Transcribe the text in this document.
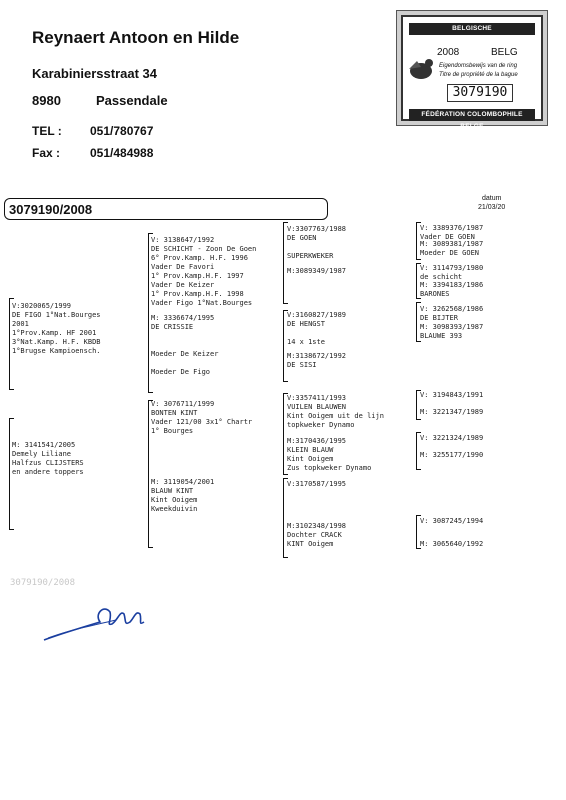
Reynaert Antoon en Hilde
Karabiniersstraat 34
8980	Passendale
TEL : 051/780767
Fax : 051/484988
BELGISCHE DUIVENLIEFHEBBERSBOND
2008	BELG
Eigendomsbewijs van de ring
Titre de propriété de la bague
3079190
FÉDÉRATION COLOMBOPHILE BELGE
3079190/2008
datum
21/03/20
V:3020065/1999
DE FIGO 1°Nat.Bourges
2001
1°Prov.Kamp. HF 2001
3°Nat.Kamp. H.F. KBDB
1°Brugse Kampioensch.
M: 3141541/2005
Demely Liliane
Halfzus CLIJSTERS
en andere toppers
V: 3138647/1992
DE SCHICHT - Zoon De Goen
6° Prov.Kamp. H.F. 1996
Vader De Favori
1° Prov.Kamp.H.F. 1997
Vader De Keizer
1° Prov.Kamp.H.F. 1998
Vader Figo 1°Nat.Bourges
M: 3336674/1995
DE CRISSIE

Moeder De Keizer

Moeder De Figo
V: 3076711/1999
BONTEN KINT
Vader 121/00 3x1° Chartr
1° Bourges
M: 3119054/2001
BLAUW KINT
Kint Ooigem
Kweekduivin
V:3307763/1988
DE GOEN

SUPERKWEKER
M:3089349/1987
V:3160827/1989
DE HENGST

14 x 1ste
M:3138672/1992
DE SISI
V:3357411/1993
VUILEN BLAUWEN
Kint Ooigem uit de lijn
topkweker Dynamo
M:3170436/1995
KLEIN BLAUW
Kint Ooigem
Zus topkweker Dynamo
V:3170587/1995
M:3102348/1998
Dochter CRACK
KINT Ooigem
V: 3389376/1987
Vader DE GOEN
M: 3089381/1987
Moeder DE GOEN
V: 3114793/1980
de schicht
M: 3394183/1986
BARONES
V: 3262568/1986
DE BIJTER
M: 3098393/1987
BLAUWE 393
V: 3194843/1991
M: 3221347/1989
V: 3221324/1989
M: 3255177/1990
V: 3087245/1994
M: 3065640/1992
3079190/2008
